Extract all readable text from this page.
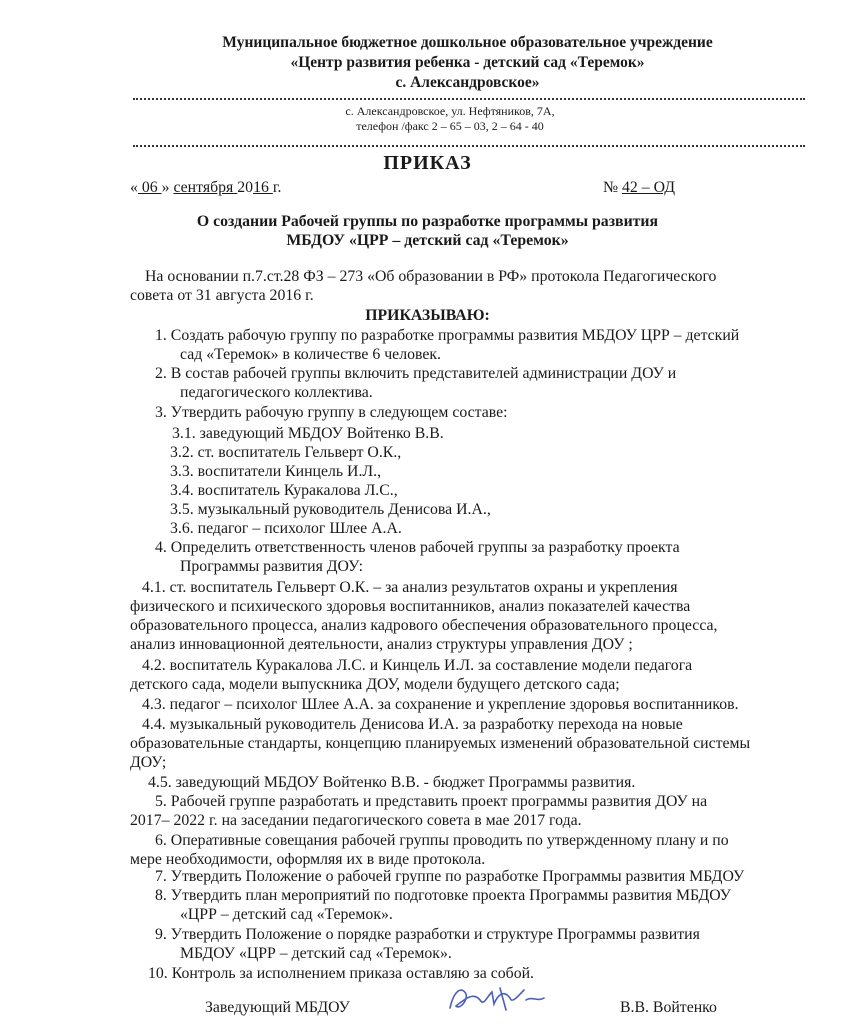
Муниципальное бюджетное дошкольное образовательное учреждение
«Центр развития ребенка - детский сад «Теремок»
с. Александровское»
с. Александровское, ул. Нефтяников, 7А,
телефон /факс 2 – 65 – 03, 2 – 64 - 40
ПРИКАЗ
« 06 » сентября 2016 г.	№ 42 – ОД
О создании Рабочей группы по разработке программы развития
МБДОУ «ЦРР – детский сад «Теремок»
На основании п.7.ст.28 ФЗ – 273 «Об образовании в РФ» протокола Педагогического
совета от 31 августа 2016 г.
ПРИКАЗЫВАЮ:
1. Создать рабочую группу по разработке программы развития МБДОУ ЦРР – детский
сад «Теремок» в количестве 6 человек.
2. В состав рабочей группы включить представителей администрации ДОУ и
педагогического коллектива.
3. Утвердить рабочую группу в следующем составе:
3.1. заведующий МБДОУ Войтенко В.В.
3.2. ст. воспитатель Гельверт О.К.,
3.3. воспитатели Кинцель И.Л.,
3.4. воспитатель Куракалова Л.С.,
3.5. музыкальный руководитель Денисова И.А.,
3.6. педагог – психолог Шлее А.А.
4. Определить ответственность членов рабочей группы за разработку проекта
Программы развития ДОУ:
4.1. ст. воспитатель Гельверт О.К. – за анализ результатов охраны и укрепления
физического и психического здоровья воспитанников, анализ показателей качества
образовательного процесса, анализ кадрового обеспечения образовательного процесса,
анализ инновационной деятельности, анализ структуры управления ДОУ ;
4.2. воспитатель Куракалова Л.С. и Кинцель И.Л. за составление модели педагога
детского сада, модели выпускника ДОУ, модели будущего детского сада;
4.3. педагог – психолог Шлее А.А. за сохранение и укрепление здоровья воспитанников.
4.4. музыкальный руководитель Денисова И.А. за разработку перехода на новые
образовательные стандарты, концепцию планируемых изменений образовательной системы
ДОУ;
4.5. заведующий МБДОУ Войтенко В.В. - бюджет Программы развития.
5. Рабочей группе разработать и представить проект программы развития ДОУ на
2017– 2022 г. на заседании педагогического совета в мае 2017 года.
6. Оперативные совещания рабочей группы проводить по утвержденному плану и по
мере необходимости, оформляя их в виде протокола.
7. Утвердить Положение о рабочей группе по разработке Программы развития МБДОУ
8. Утвердить план мероприятий по подготовке проекта Программы развития МБДОУ
«ЦРР – детский сад «Теремок».
9. Утвердить Положение о порядке разработки и структуре Программы развития
МБДОУ «ЦРР – детский сад «Теремок».
10. Контроль за исполнением приказа оставляю за собой.
Заведующий МБДОУ	В.В. Войтенко
